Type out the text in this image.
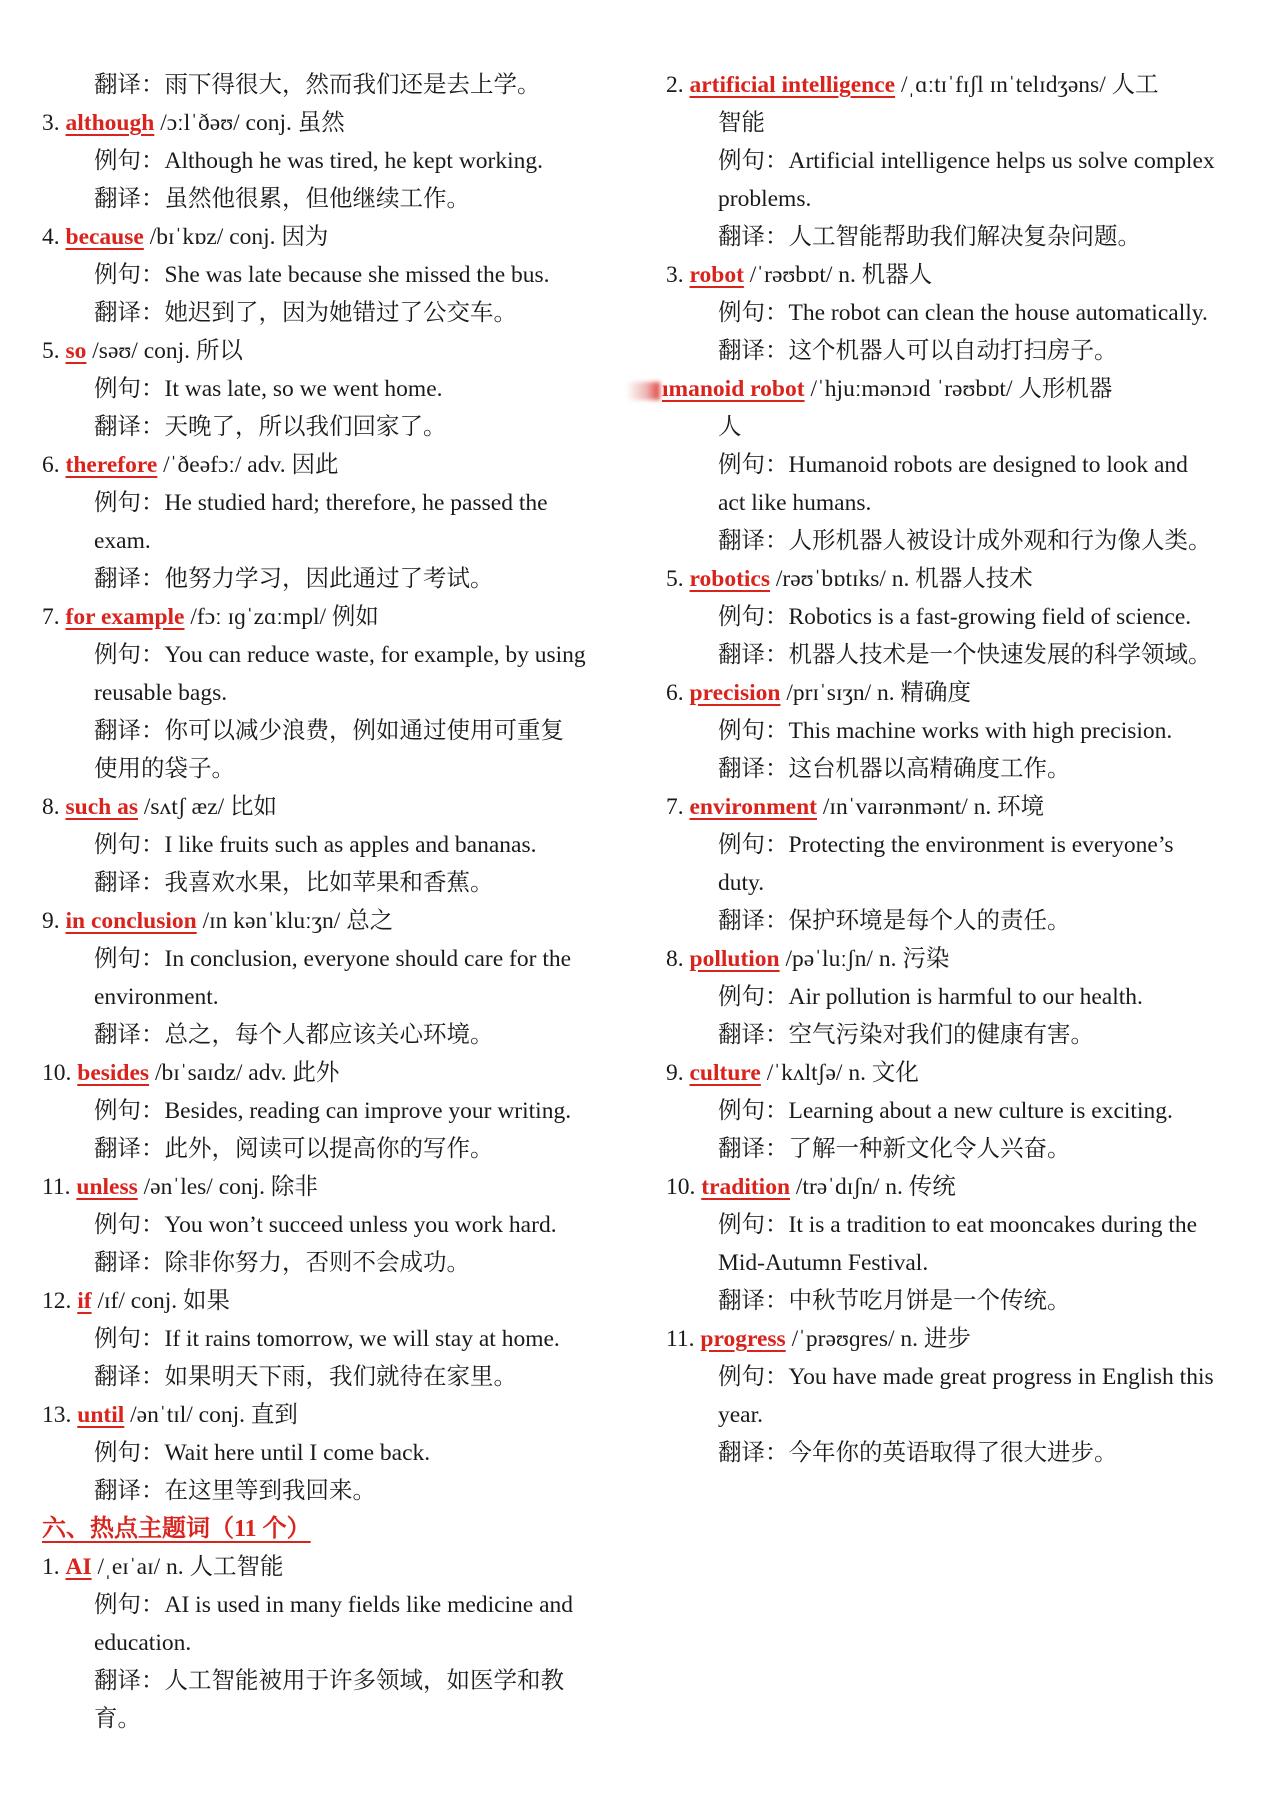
翻译：雨下得很大，然而我们还是去上学。
3. although /ɔːlˈðəʊ/ conj. 虽然
例句：Although he was tired, he kept working.
翻译：虽然他很累，但他继续工作。
4. because /bɪˈkɒz/ conj. 因为
例句：She was late because she missed the bus.
翻译：她迟到了，因为她错过了公交车。
5. so /səʊ/ conj. 所以
例句：It was late, so we went home.
翻译：天晚了，所以我们回家了。
6. therefore /ˈðeəfɔː/ adv. 因此
例句：He studied hard; therefore, he passed the
exam.
翻译：他努力学习，因此通过了考试。
7. for example /fɔː ɪɡˈzɑːmpl/ 例如
例句：You can reduce waste, for example, by using
reusable bags.
翻译：你可以减少浪费，例如通过使用可重复
使用的袋子。
8. such as /sʌtʃ æz/ 比如
例句：I like fruits such as apples and bananas.
翻译：我喜欢水果，比如苹果和香蕉。
9. in conclusion /ɪn kənˈkluːʒn/ 总之
例句：In conclusion, everyone should care for the
environment.
翻译：总之，每个人都应该关心环境。
10. besides /bɪˈsaɪdz/ adv. 此外
例句：Besides, reading can improve your writing.
翻译：此外，阅读可以提高你的写作。
11. unless /ənˈles/ conj. 除非
例句：You won’t succeed unless you work hard.
翻译：除非你努力，否则不会成功。
12. if /ɪf/ conj. 如果
例句：If it rains tomorrow, we will stay at home.
翻译：如果明天下雨，我们就待在家里。
13. until /ənˈtɪl/ conj. 直到
例句：Wait here until I come back.
翻译：在这里等到我回来。
六、热点主题词（11 个）
1. AI /ˌeɪˈaɪ/ n. 人工智能
例句：AI is used in many fields like medicine and
education.
翻译：人工智能被用于许多领域，如医学和教
育。
2. artificial intelligence /ˌɑːtɪˈfɪʃl ɪnˈtelɪdʒəns/ 人工
智能
例句：Artificial intelligence helps us solve complex
problems.
翻译：人工智能帮助我们解决复杂问题。
3. robot /ˈrəʊbɒt/ n. 机器人
例句：The robot can clean the house automatically.
翻译：这个机器人可以自动打扫房子。
ımanoid robot /ˈhjuːmənɔɪd ˈrəʊbɒt/ 人形机器
人
例句：Humanoid robots are designed to look and
act like humans.
翻译：人形机器人被设计成外观和行为像人类。
5. robotics /rəʊˈbɒtɪks/ n. 机器人技术
例句：Robotics is a fast-growing field of science.
翻译：机器人技术是一个快速发展的科学领域。
6. precision /prɪˈsɪʒn/ n. 精确度
例句：This machine works with high precision.
翻译：这台机器以高精确度工作。
7. environment /ɪnˈvaɪrənmənt/ n. 环境
例句：Protecting the environment is everyone’s
duty.
翻译：保护环境是每个人的责任。
8. pollution /pəˈluːʃn/ n. 污染
例句：Air pollution is harmful to our health.
翻译：空气污染对我们的健康有害。
9. culture /ˈkʌltʃə/ n. 文化
例句：Learning about a new culture is exciting.
翻译：了解一种新文化令人兴奋。
10. tradition /trəˈdɪʃn/ n. 传统
例句：It is a tradition to eat mooncakes during the
Mid-Autumn Festival.
翻译：中秋节吃月饼是一个传统。
11. progress /ˈprəʊɡres/ n. 进步
例句：You have made great progress in English this
year.
翻译：今年你的英语取得了很大进步。
